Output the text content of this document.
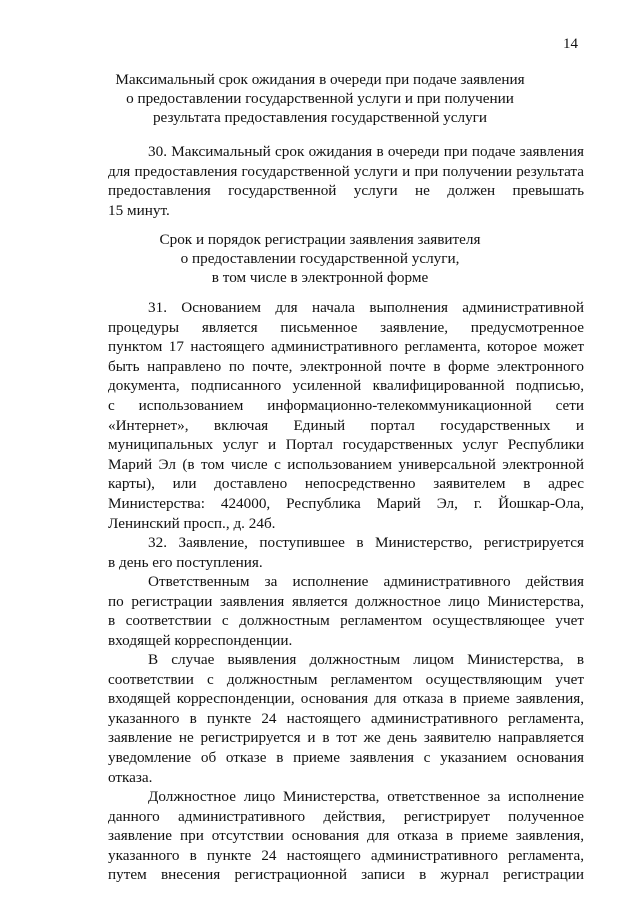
14
Максимальный срок ожидания в очереди при подаче заявления
о предоставлении государственной услуги и при получении
результата предоставления государственной услуги
30. Максимальный срок ожидания в очереди при подаче заявления
для предоставления государственной услуги и при получении результата
предоставления государственной услуги не должен превышать
15 минут.
Срок и порядок регистрации заявления заявителя
о предоставлении государственной услуги,
в том числе в электронной форме
31. Основанием для начала выполнения административной
процедуры является письменное заявление, предусмотренное
пунктом 17 настоящего административного регламента, которое может
быть направлено по почте, электронной почте в форме электронного
документа, подписанного усиленной квалифицированной подписью,
с использованием информационно-телекоммуникационной сети
«Интернет», включая Единый портал государственных и
муниципальных услуг и Портал государственных услуг Республики
Марий Эл (в том числе с использованием универсальной электронной
карты), или доставлено непосредственно заявителем в адрес
Министерства: 424000, Республика Марий Эл, г. Йошкар-Ола,
Ленинский просп., д. 24б.
32. Заявление, поступившее в Министерство, регистрируется
в день его поступления.
Ответственным за исполнение административного действия
по регистрации заявления является должностное лицо Министерства,
в соответствии с должностным регламентом осуществляющее учет
входящей корреспонденции.
В случае выявления должностным лицом Министерства, в
соответствии с должностным регламентом осуществляющим учет
входящей корреспонденции, основания для отказа в приеме заявления,
указанного в пункте 24 настоящего административного регламента,
заявление не регистрируется и в тот же день заявителю направляется
уведомление об отказе в приеме заявления с указанием основания
отказа.
Должностное лицо Министерства, ответственное за исполнение
данного административного действия, регистрирует полученное
заявление при отсутствии основания для отказа в приеме заявления,
указанного в пункте 24 настоящего административного регламента,
путем внесения регистрационной записи в журнал регистрации
